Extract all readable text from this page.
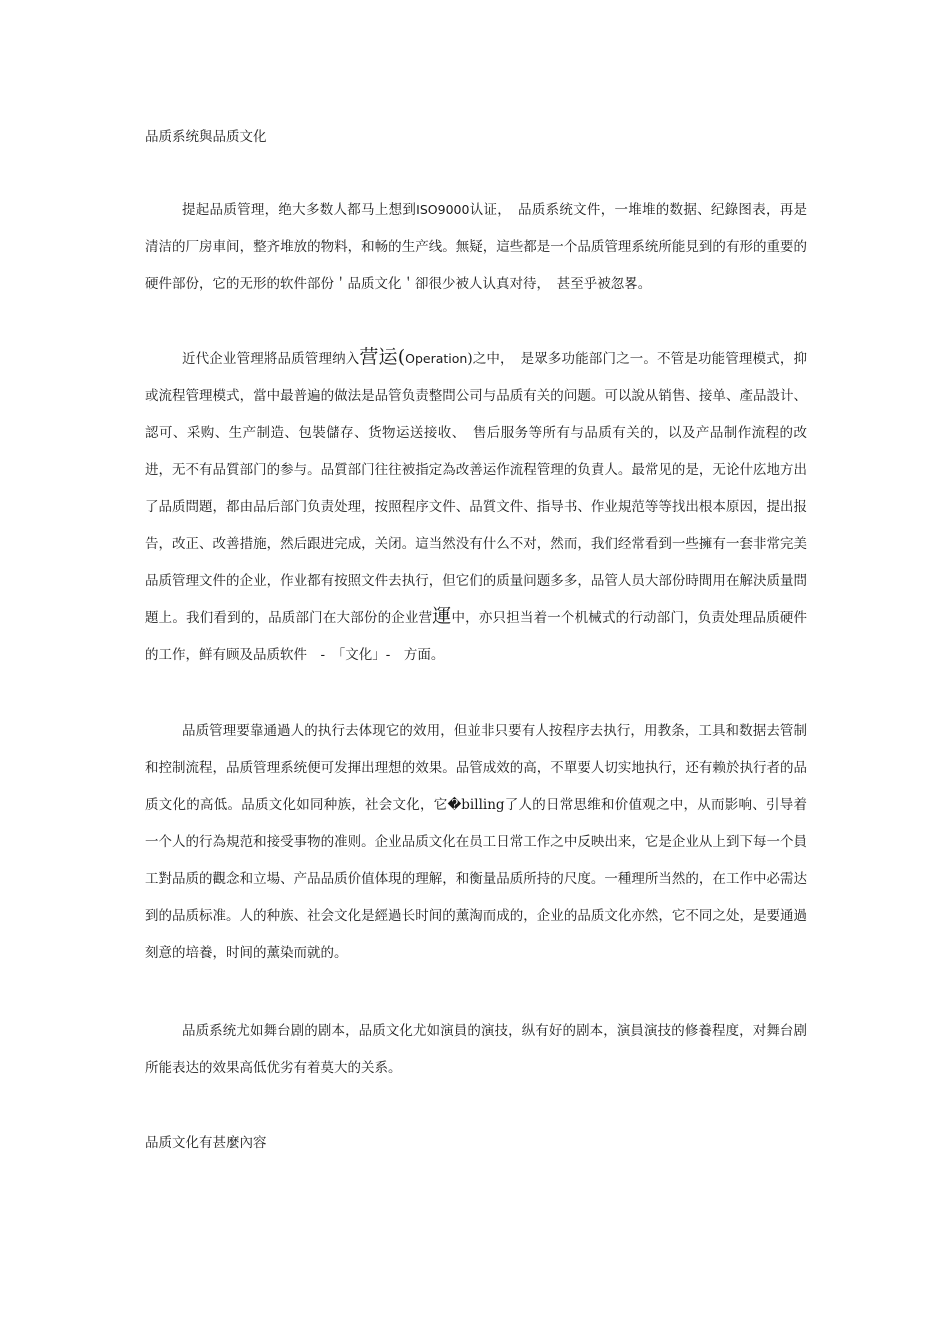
品质系统與品质文化

提起品质管理，绝大多数人都马上想到ISO9000认证，　品质系统文件，一堆堆的数据、纪錄图表，再是清洁的厂房車间，整齐堆放的物料，和畅的生产线。無疑，這些都是一个品质管理系统所能見到的有形的重要的硬件部份，它的无形的软件部份＇品质文化＇卻很少被人认真对待，　甚至乎被忽畧。

近代企业管理將品质管理纳入营运(Operation)之中，　是眾多功能部门之一。不管是功能管理模式，抑或流程管理模式，當中最普遍的做法是品管负责整問公司与品质有关的问题。可以說从销售、接单、產品設计、認可、采购、生产制造、包裝儲存、货物运送接收、　售后服务等所有与品质有关的，以及产品制作流程的改进，无不有品質部门的参与。品質部门往往被指定為改善运作流程管理的负責人。最常见的是，无论什庅地方出了品质問題，都由品后部门负责处理，按照程序文件、品質文件、指导书、作业規范等等找出根本原因，提出报告，改正、改善措施，然后跟进完成，关闭。這当然没有什么不对，然而，我们经常看到一些擁有一套非常完美品质管理文件的企业，作业都有按照文件去执行，但它们的质量问题多多，品管人员大部份時間用在解決质量問題上。我们看到的，品质部门在大部份的企业营運中，亦只担当着一个机械式的行动部门，负责处理品质硬件的工作，鲜有顾及品质软件　-　「文化」-　方面。

品质管理要靠通過人的执行去体现它的效用，但並非只要有人按程序去执行，用教条，工具和数据去管制和控制流程，品质管理系统便可发揮出理想的效果。品管成效的高，不單要人切实地执行，还有赖於执行者的品质文化的高低。品质文化如同种族，社会文化，它�billing了人的日常思维和价值观之中，从而影响、引导着一个人的行為規范和接受事物的准则。企业品质文化在员工日常工作之中反映出来，它是企业从上到下每一个員工對品质的觀念和立場、产品品质价值体現的理解，和衡量品质所持的尺度。一種理所当然的，在工作中必需达到的品质标准。人的种族、社会文化是經過长时间的薰淘而成的，企业的品质文化亦然，它不同之处，是要通過刻意的培養，时间的薰染而就的。

品质系统尤如舞台剧的剧本，品质文化尤如演員的演技，纵有好的剧本，演員演技的修養程度，对舞台剧所能表达的效果高低优劣有着莫大的关系。

品质文化有甚麼內容
